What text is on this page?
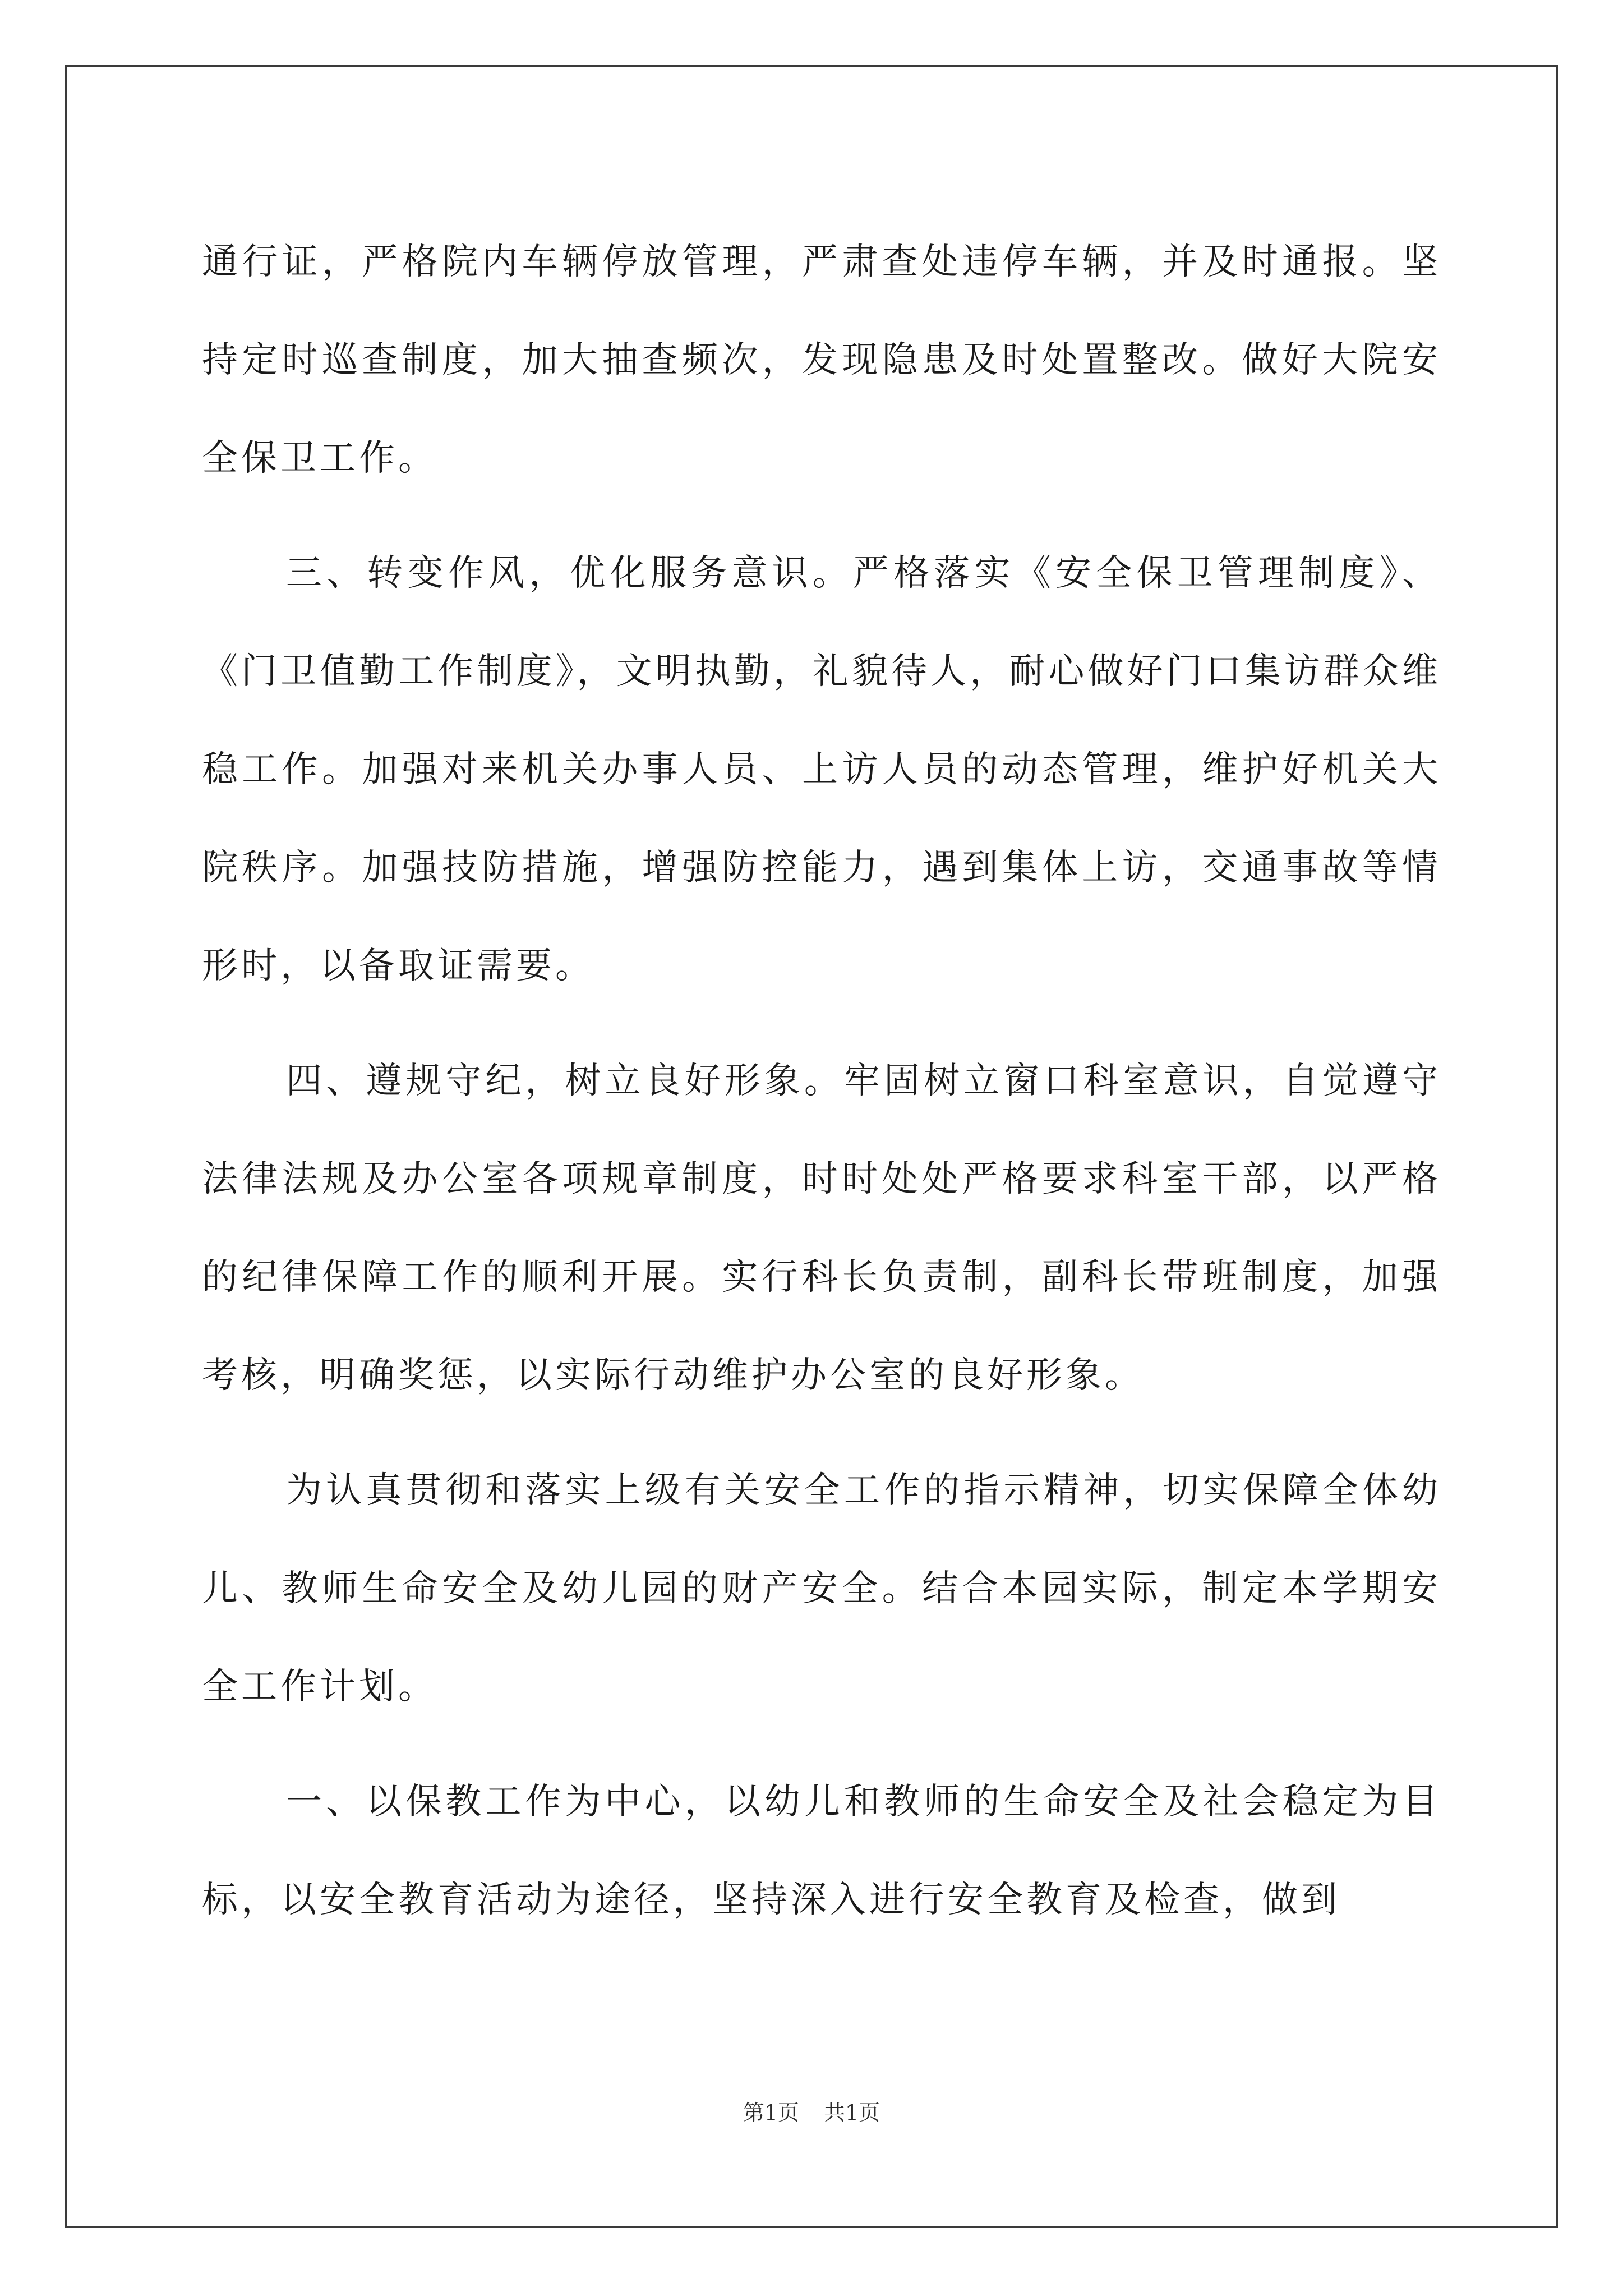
通行证，严格院内车辆停放管理，严肃查处违停车辆，并及时通报。坚持定时巡查制度，加大抽查频次，发现隐患及时处置整改。做好大院安全保卫工作。

三、转变作风，优化服务意识。严格落实《安全保卫管理制度》、《门卫值勤工作制度》，文明执勤，礼貌待人，耐心做好门口集访群众维稳工作。加强对来机关办事人员、上访人员的动态管理，维护好机关大院秩序。加强技防措施，增强防控能力，遇到集体上访，交通事故等情形时，以备取证需要。

四、遵规守纪，树立良好形象。牢固树立窗口科室意识，自觉遵守法律法规及办公室各项规章制度，时时处处严格要求科室干部，以严格的纪律保障工作的顺利开展。实行科长负责制，副科长带班制度，加强考核，明确奖惩，以实际行动维护办公室的良好形象。

为认真贯彻和落实上级有关安全工作的指示精神，切实保障全体幼儿、教师生命安全及幼儿园的财产安全。结合本园实际，制定本学期安全工作计划。

一、以保教工作为中心，以幼儿和教师的生命安全及社会稳定为目标，以安全教育活动为途径，坚持深入进行安全教育及检查，做到

第1页 共1页
